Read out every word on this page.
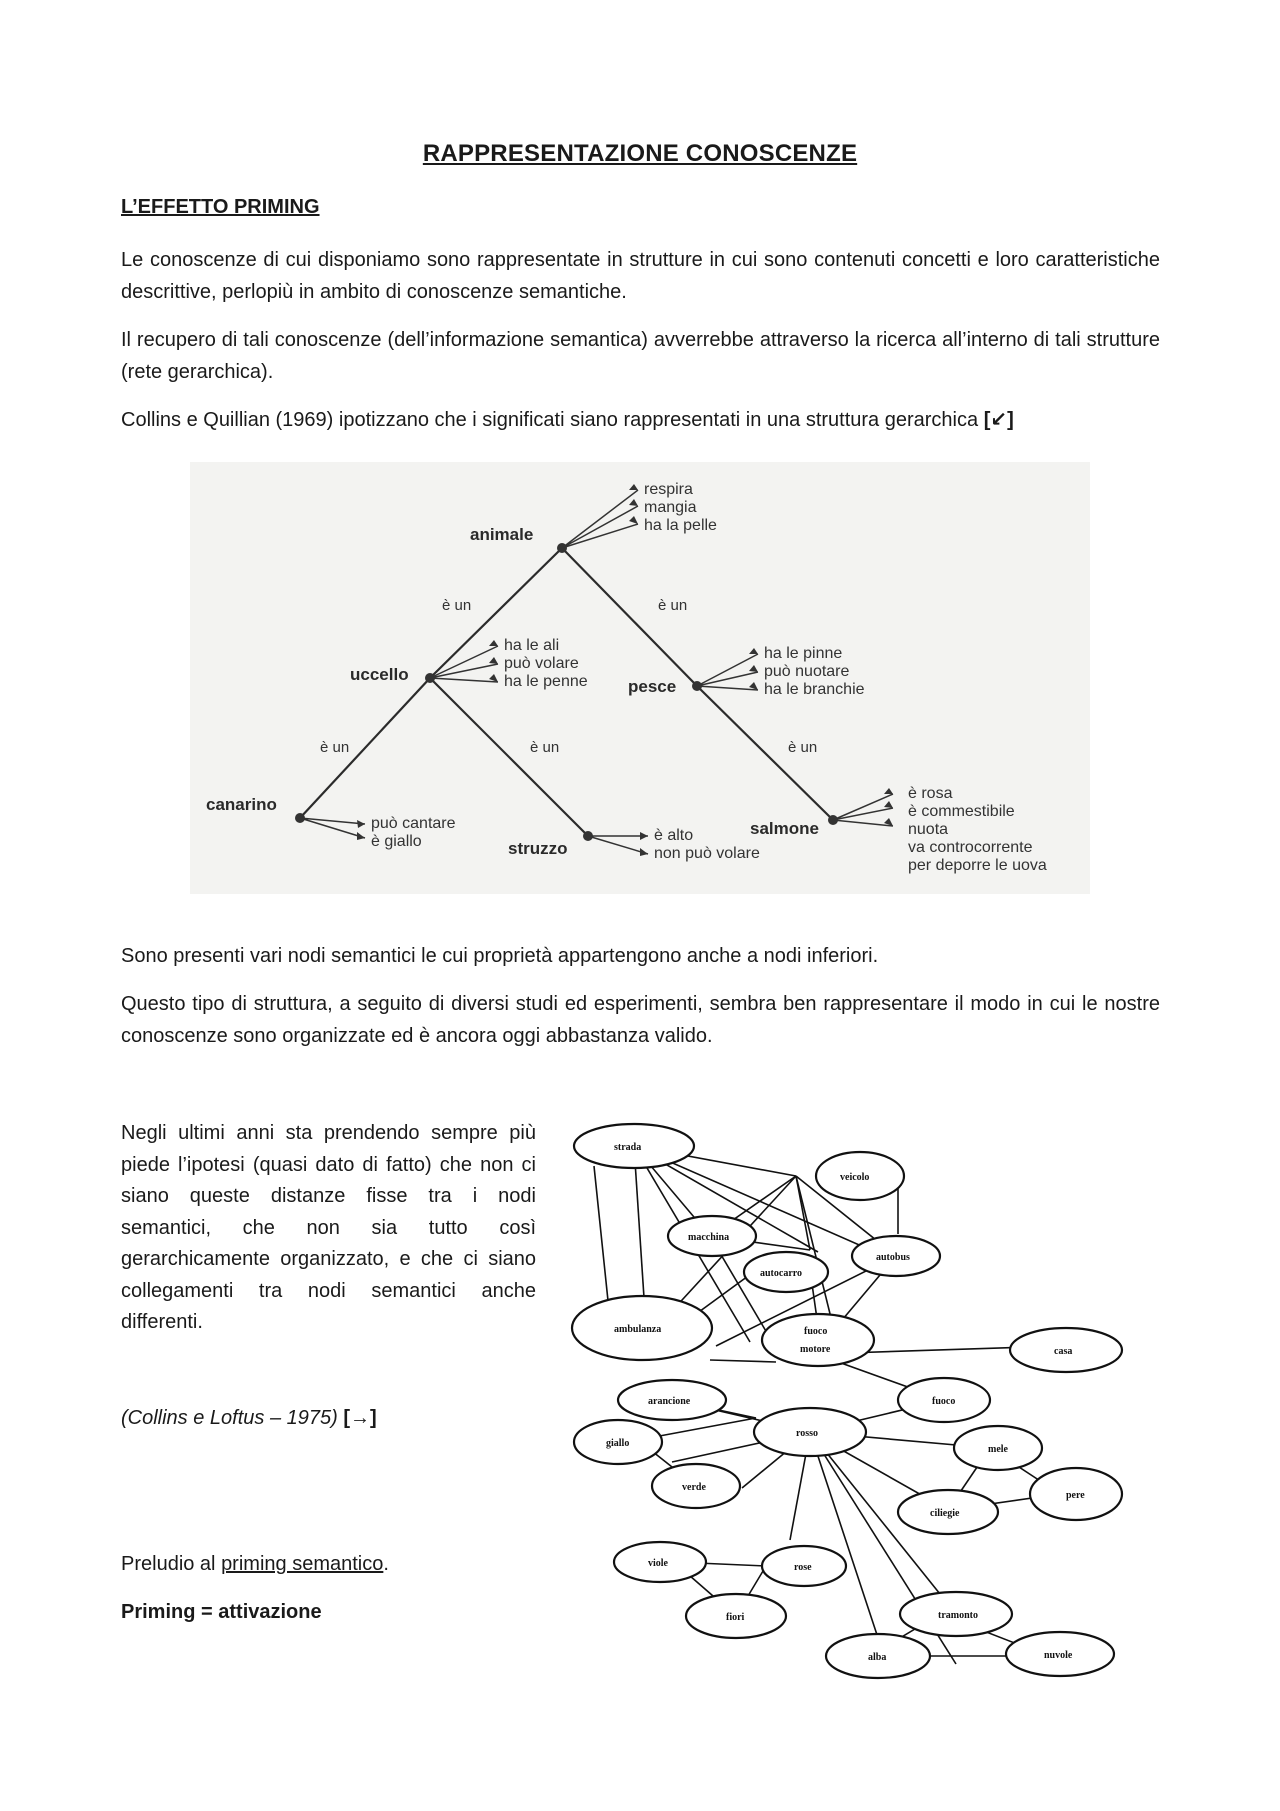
RAPPRESENTAZIONE CONOSCENZE
L’EFFETTO PRIMING

Le conoscenze di cui disponiamo sono rappresentate in strutture in cui sono contenuti concetti e loro caratteristiche descrittive, perlopiù in ambito di conoscenze semantiche.

Il recupero di tali conoscenze (dell’informazione semantica) avverrebbe attraverso la ricerca all’interno di tali strutture (rete gerarchica).

Collins e Quillian (1969) ipotizzano che i significati siano rappresentati in una struttura gerarchica [↙]

animale
uccello
pesce
canarino
struzzo
salmone
respira
mangia
ha la pelle
ha le ali
può volare
ha le penne
ha le pinne
può nuotare
ha le branchie
può cantare
è giallo	è alto
non può volare
è rosa
è commestibile
nuota
va controcorrente
per deporre le uova
è un	è un
è un	è un	è un

Sono presenti vari nodi semantici le cui proprietà appartengono anche a nodi inferiori.

Questo tipo di struttura, a seguito di diversi studi ed esperimenti, sembra ben rappresentare il modo in cui le nostre conoscenze sono organizzate ed è ancora oggi abbastanza valido.

Negli ultimi anni sta prendendo sempre più piede l’ipotesi (quasi dato di fatto) che non ci siano queste distanze fisse tra i nodi semantici, che non sia tutto così gerarchicamente organizzato, e che ci siano collegamenti tra nodi semantici anche differenti.

(Collins e Loftus – 1975) [→]

Preludio al priming semantico.

Priming = attivazione

strada
veicolo
macchina
autocarro
autobus
ambulanza	fuoco
motore	casa
fuoco
arancione
rosso
giallo
verde
mele
pere
ciliegie
viole	rose
fiori	tramonto
alba	nuvole
